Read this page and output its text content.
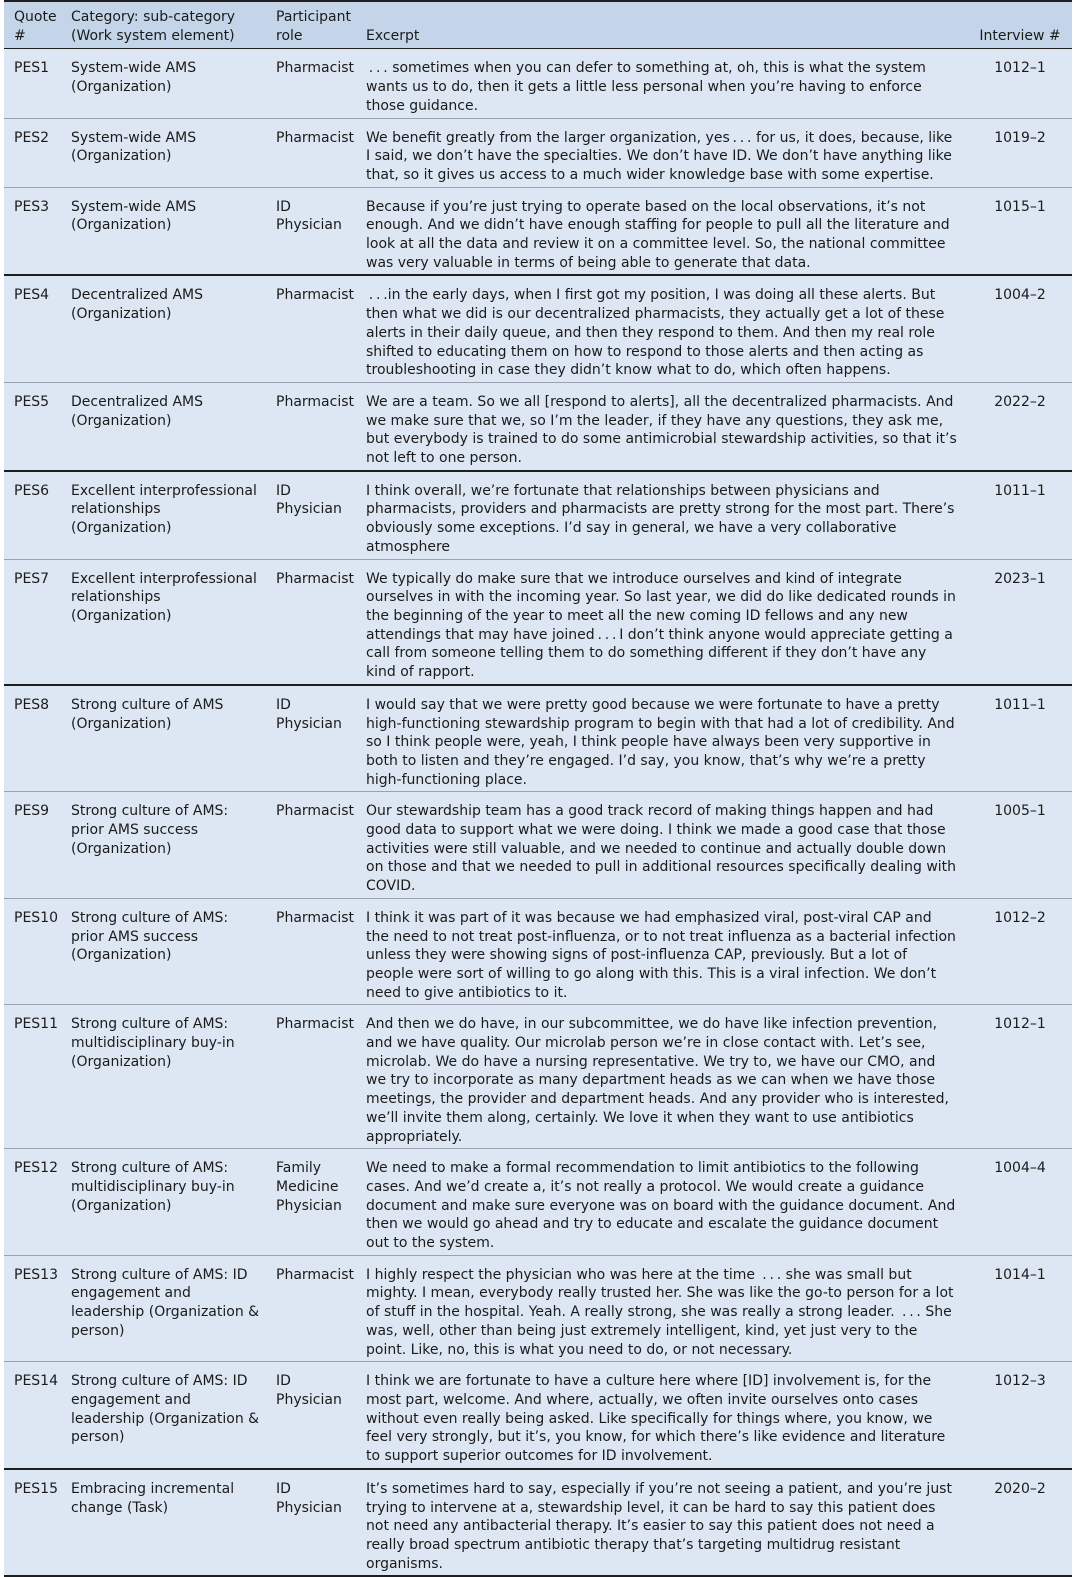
Quote #	Category: sub-category (Work system element)	Participant role	Excerpt	Interview #
PES1	System-wide AMS (Organization)	Pharmacist	 . . . sometimes when you can defer to something at, oh, this is what the system wants us to do, then it gets a little less personal when you’re having to enforce those guidance.	1012–1
PES2	System-wide AMS (Organization)	Pharmacist	We benefit greatly from the larger organization, yes . . . for us, it does, because, like I said, we don’t have the specialties. We don’t have ID. We don’t have anything like that, so it gives us access to a much wider knowledge base with some expertise.	1019–2
PES3	System-wide AMS (Organization)	ID Physician	Because if you’re just trying to operate based on the local observations, it’s not enough. And we didn’t have enough staffing for people to pull all the literature and look at all the data and review it on a committee level. So, the national committee was very valuable in terms of being able to generate that data.	1015–1
PES4	Decentralized AMS (Organization)	Pharmacist	 . . .in the early days, when I first got my position, I was doing all these alerts. But then what we did is our decentralized pharmacists, they actually get a lot of these alerts in their daily queue, and then they respond to them. And then my real role shifted to educating them on how to respond to those alerts and then acting as troubleshooting in case they didn’t know what to do, which often happens.	1004–2
PES5	Decentralized AMS (Organization)	Pharmacist	We are a team. So we all [respond to alerts], all the decentralized pharmacists. And we make sure that we, so I’m the leader, if they have any questions, they ask me, but everybody is trained to do some antimicrobial stewardship activities, so that it’s not left to one person.	2022–2
PES6	Excellent interprofessional relationships (Organization)	ID Physician	I think overall, we’re fortunate that relationships between physicians and pharmacists, providers and pharmacists are pretty strong for the most part. There’s obviously some exceptions. I’d say in general, we have a very collaborative atmosphere	1011–1
PES7	Excellent interprofessional relationships (Organization)	Pharmacist	We typically do make sure that we introduce ourselves and kind of integrate ourselves in with the incoming year. So last year, we did do like dedicated rounds in the beginning of the year to meet all the new coming ID fellows and any new attendings that may have joined . . . I don’t think anyone would appreciate getting a call from someone telling them to do something different if they don’t have any kind of rapport.	2023–1
PES8	Strong culture of AMS (Organization)	ID Physician	I would say that we were pretty good because we were fortunate to have a pretty high-functioning stewardship program to begin with that had a lot of credibility. And so I think people were, yeah, I think people have always been very supportive in both to listen and they’re engaged. I’d say, you know, that’s why we’re a pretty high-functioning place.	1011–1
PES9	Strong culture of AMS: prior AMS success (Organization)	Pharmacist	Our stewardship team has a good track record of making things happen and had good data to support what we were doing. I think we made a good case that those activities were still valuable, and we needed to continue and actually double down on those and that we needed to pull in additional resources specifically dealing with COVID.	1005–1
PES10	Strong culture of AMS: prior AMS success (Organization)	Pharmacist	I think it was part of it was because we had emphasized viral, post-viral CAP and the need to not treat post-influenza, or to not treat influenza as a bacterial infection unless they were showing signs of post-influenza CAP, previously. But a lot of people were sort of willing to go along with this. This is a viral infection. We don’t need to give antibiotics to it.	1012–2
PES11	Strong culture of AMS: multidisciplinary buy-in (Organization)	Pharmacist	And then we do have, in our subcommittee, we do have like infection prevention, and we have quality. Our microlab person we’re in close contact with. Let’s see, microlab. We do have a nursing representative. We try to, we have our CMO, and we try to incorporate as many department heads as we can when we have those meetings, the provider and department heads. And any provider who is interested, we’ll invite them along, certainly. We love it when they want to use antibiotics appropriately.	1012–1
PES12	Strong culture of AMS: multidisciplinary buy-in (Organization)	Family Medicine Physician	We need to make a formal recommendation to limit antibiotics to the following cases. And we’d create a, it’s not really a protocol. We would create a guidance document and make sure everyone was on board with the guidance document. And then we would go ahead and try to educate and escalate the guidance document out to the system.	1004–4
PES13	Strong culture of AMS: ID engagement and leadership (Organization & person)	Pharmacist	I highly respect the physician who was here at the time  . . . she was small but mighty. I mean, everybody really trusted her. She was like the go-to person for a lot of stuff in the hospital. Yeah. A really strong, she was really a strong leader.  . . . She was, well, other than being just extremely intelligent, kind, yet just very to the point. Like, no, this is what you need to do, or not necessary.	1014–1
PES14	Strong culture of AMS: ID engagement and leadership (Organization & person)	ID Physician	I think we are fortunate to have a culture here where [ID] involvement is, for the most part, welcome. And where, actually, we often invite ourselves onto cases without even really being asked. Like specifically for things where, you know, we feel very strongly, but it’s, you know, for which there’s like evidence and literature to support superior outcomes for ID involvement.	1012–3
PES15	Embracing incremental change (Task)	ID Physician	It’s sometimes hard to say, especially if you’re not seeing a patient, and you’re just trying to intervene at a, stewardship level, it can be hard to say this patient does not need any antibacterial therapy. It’s easier to say this patient does not need a really broad spectrum antibiotic therapy that’s targeting multidrug resistant organisms.	2020–2
